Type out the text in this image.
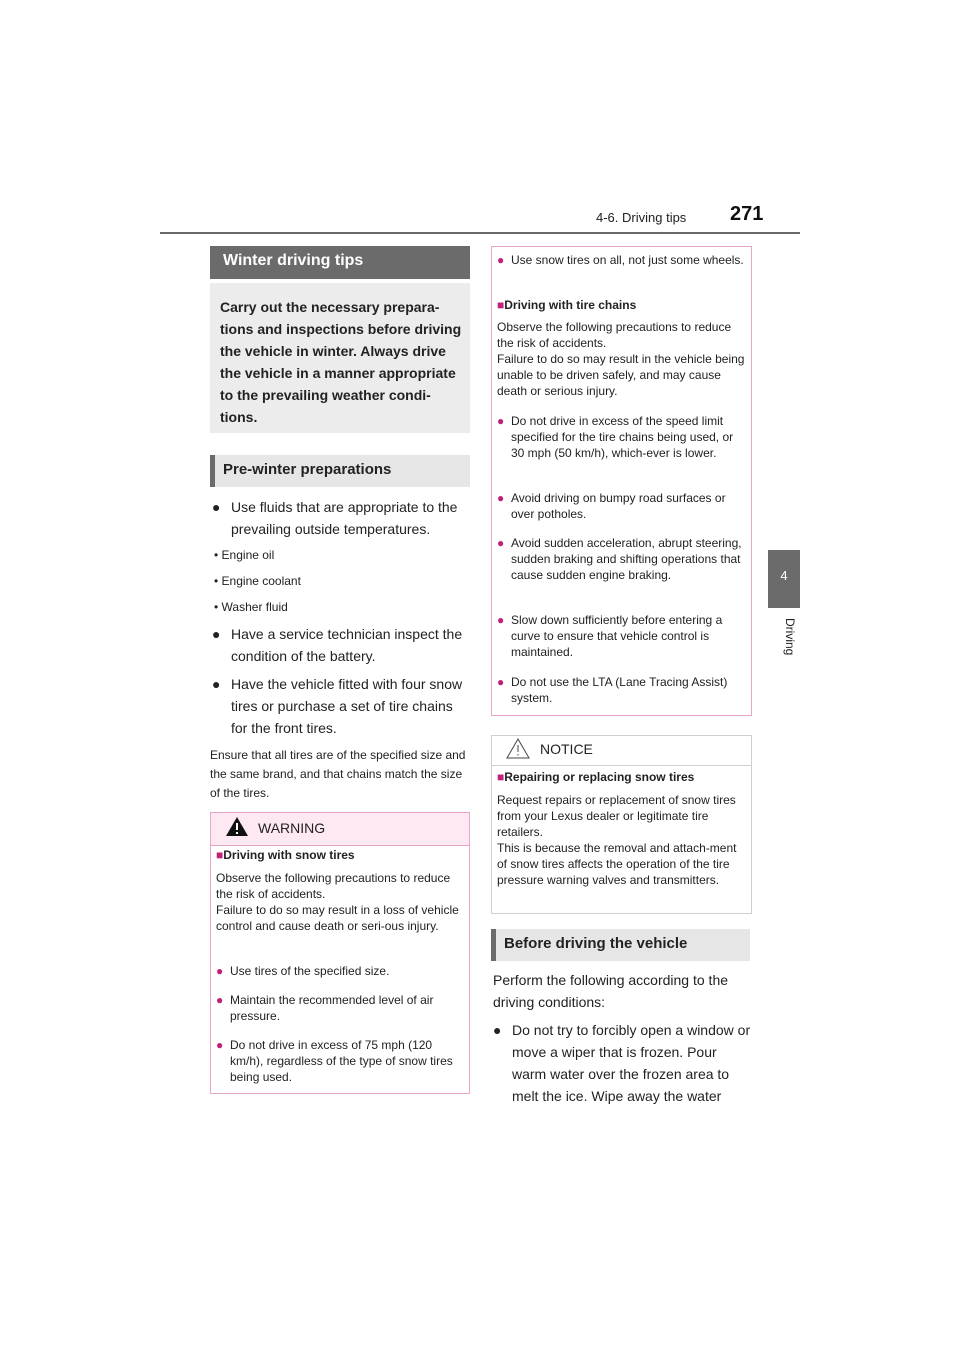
4-6. Driving tips 271
4
Driving
Winter driving tips

Carry out the necessary prepara-tions and inspections before driving the vehicle in winter. Always drive the vehicle in a manner appropriate to the prevailing weather condi-tions.

Pre-winter preparations
● Use fluids that are appropriate to the prevailing outside temperatures.
• Engine oil
• Engine coolant
• Washer fluid
● Have a service technician inspect the condition of the battery.
● Have the vehicle fitted with four snow tires or purchase a set of tire chains for the front tires.

Ensure that all tires are of the specified size and the same brand, and that chains match the size of the tires.

WARNING
■Driving with snow tires
Observe the following precautions to reduce the risk of accidents.
Failure to do so may result in a loss of vehicle control and cause death or seri-ous injury.
● Use tires of the specified size.
● Maintain the recommended level of air pressure.
● Do not drive in excess of 75 mph (120 km/h), regardless of the type of snow tires being used.
● Use snow tires on all, not just some wheels.
■Driving with tire chains
Observe the following precautions to reduce the risk of accidents.
Failure to do so may result in the vehicle being unable to be driven safely, and may cause death or serious injury.
● Do not drive in excess of the speed limit specified for the tire chains being used, or 30 mph (50 km/h), which-ever is lower.
● Avoid driving on bumpy road surfaces or over potholes.
● Avoid sudden acceleration, abrupt steering, sudden braking and shifting operations that cause sudden engine braking.
● Slow down sufficiently before entering a curve to ensure that vehicle control is maintained.
● Do not use the LTA (Lane Tracing Assist) system.
NOTICE
■Repairing or replacing snow tires
Request repairs or replacement of snow tires from your Lexus dealer or legitimate tire retailers.
This is because the removal and attach-ment of snow tires affects the operation of the tire pressure warning valves and transmitters.
Before driving the vehicle

Perform the following according to the driving conditions:

● Do not try to forcibly open a window or move a wiper that is frozen. Pour warm water over the frozen area to melt the ice. Wipe away the water
